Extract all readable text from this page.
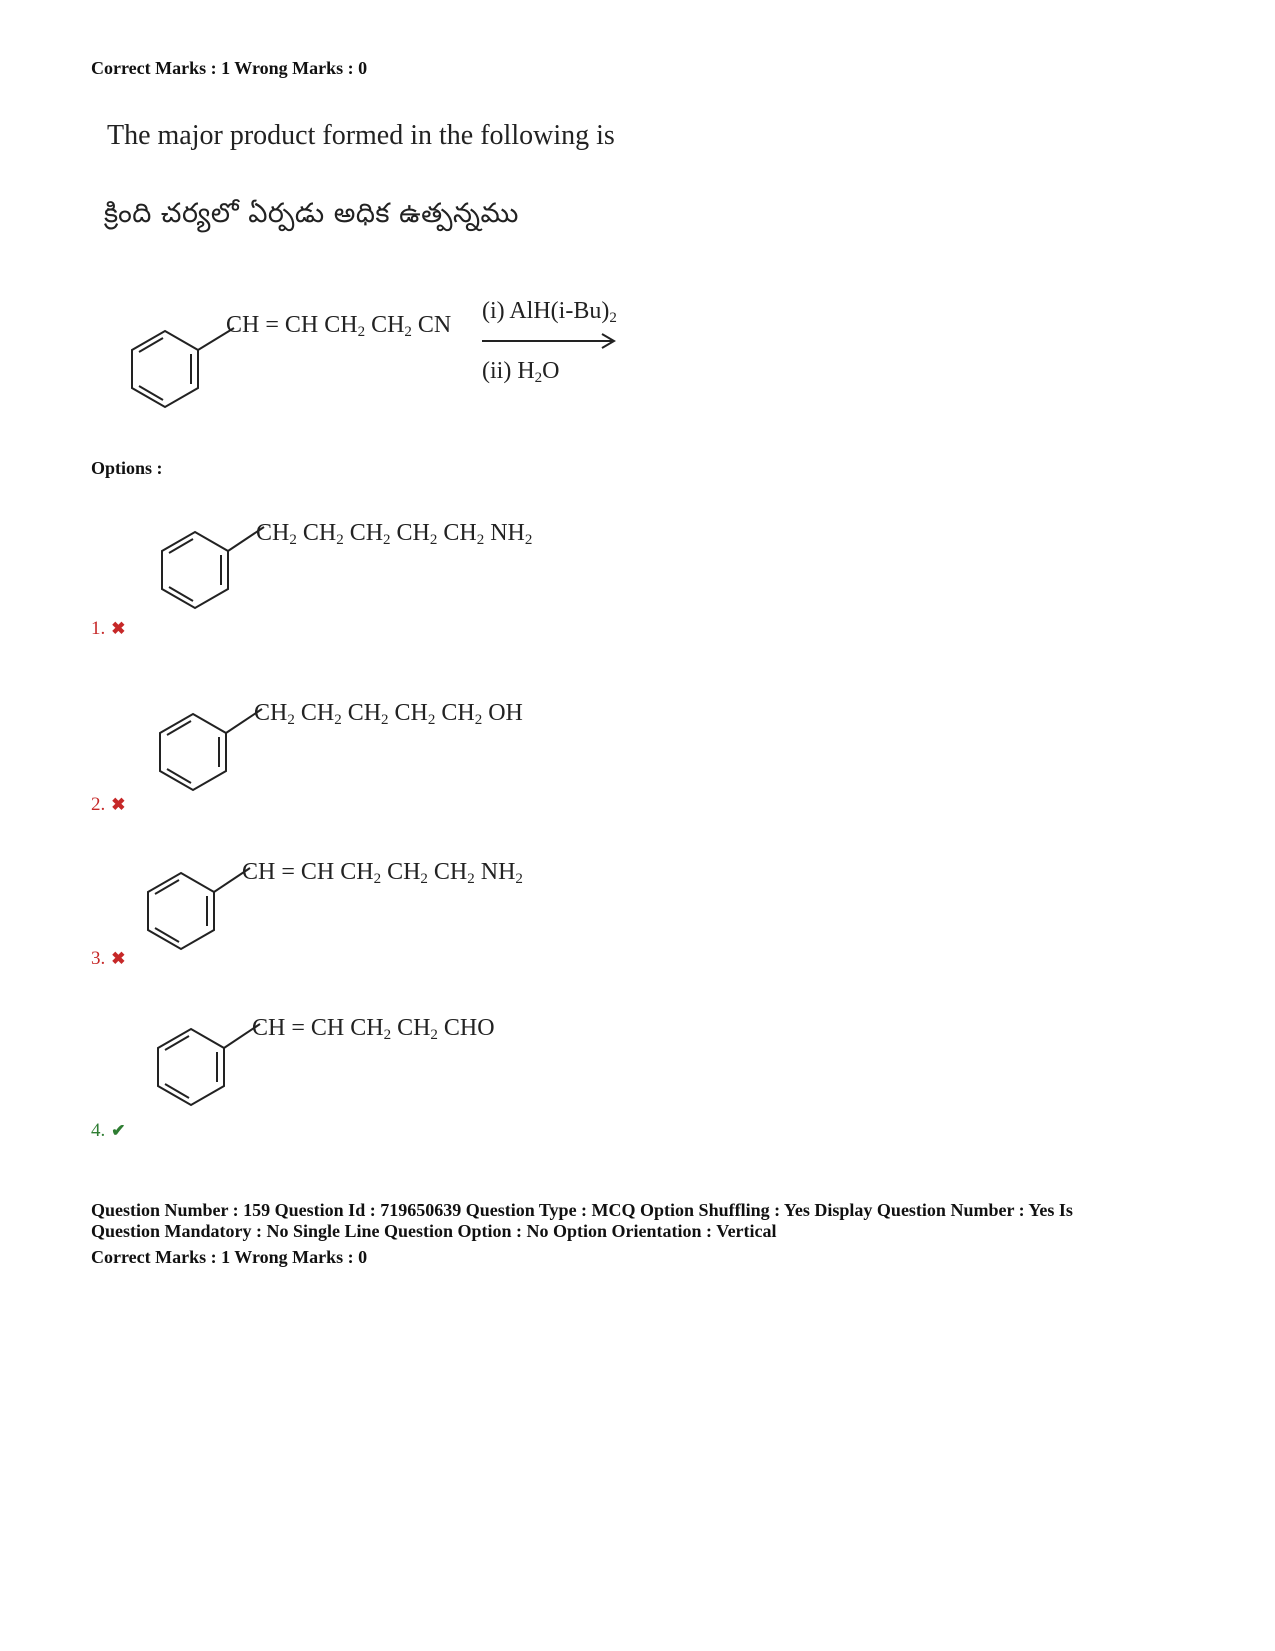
Correct Marks : 1 Wrong Marks : 0
The major product formed in the following is
క్రింది చర్యలో ఏర్పడు అధిక ఉత్పన్నము
CH = CH $CH_2$ $CH_2$ CN
(i) $AlH(i-Bu)_2$
(ii) $H_2O$
Options :
$CH_2$ $CH_2$ $CH_2$ $CH_2$ $CH_2$ $NH_2$
1. ✖
$CH_2$ $CH_2$ $CH_2$ $CH_2$ $CH_2$ OH
2. ✖
CH = CH $CH_2$ $CH_2$ $CH_2$ $NH_2$
3. ✖
CH = CH $CH_2$ $CH_2$ CHO
4. ✔
Question Number : 159 Question Id : 719650639 Question Type : MCQ Option Shuffling : Yes Display Question Number : Yes Is
Question Mandatory : No Single Line Question Option : No Option Orientation : Vertical
Correct Marks : 1 Wrong Marks : 0
